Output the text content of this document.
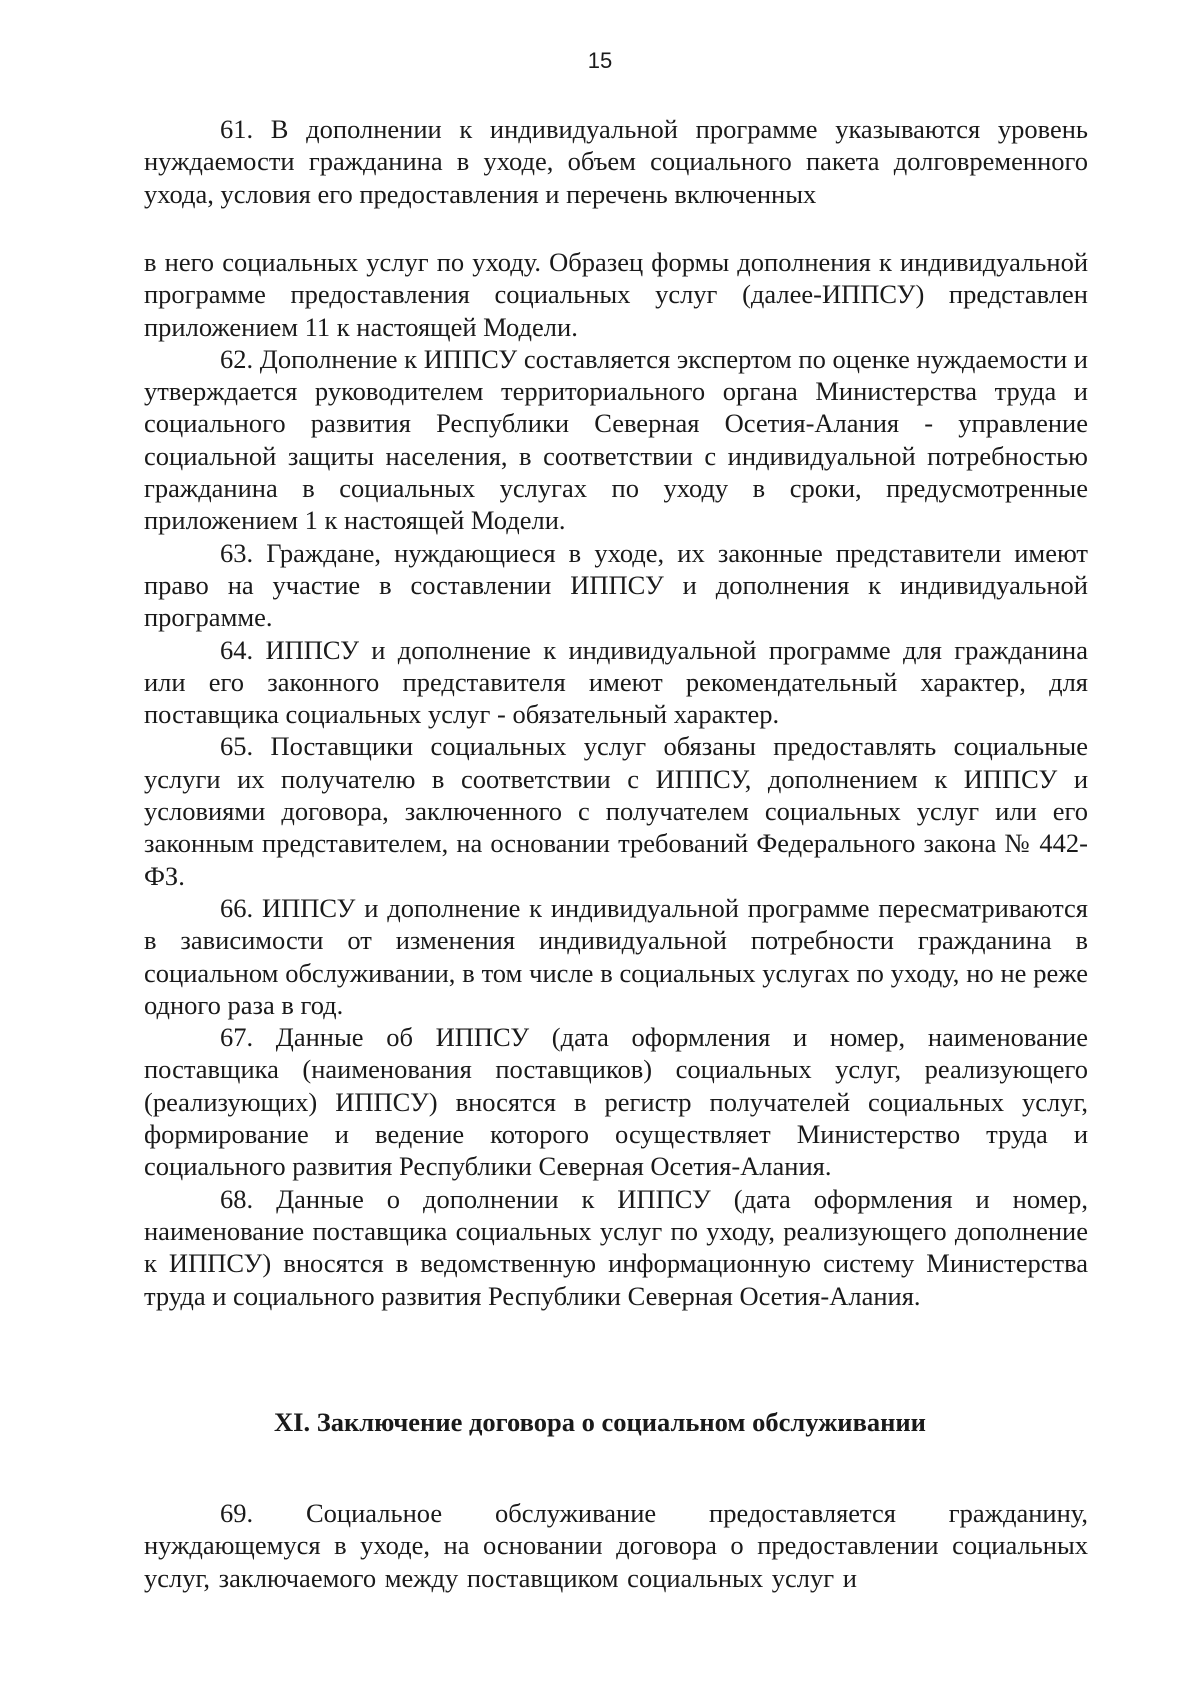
15

61. В дополнении к индивидуальной программе указываются уровень нуждаемости гражданина в уходе, объем социального пакета долговременного ухода, условия его предоставления и перечень включенных

в него социальных услуг по уходу. Образец формы дополнения к индивидуальной программе предоставления социальных услуг (далее-ИППСУ) представлен приложением 11 к настоящей Модели.

62. Дополнение к ИППСУ составляется экспертом по оценке нуждаемости и утверждается руководителем территориального органа Министерства труда и социального развития Республики Северная Осетия-Алания - управление социальной защиты населения, в соответствии с индивидуальной потребностью гражданина в социальных услугах по уходу в сроки, предусмотренные приложением 1 к настоящей Модели.

63. Граждане, нуждающиеся в уходе, их законные представители имеют право на участие в составлении ИППСУ и дополнения к индивидуальной программе.

64. ИППСУ и дополнение к индивидуальной программе для гражданина или его законного представителя имеют рекомендательный характер, для поставщика социальных услуг - обязательный характер.

65. Поставщики социальных услуг обязаны предоставлять социальные услуги их получателю в соответствии с ИППСУ, дополнением к ИППСУ и условиями договора, заключенного с получателем социальных услуг или его законным представителем, на основании требований Федерального закона № 442-ФЗ.

66. ИППСУ и дополнение к индивидуальной программе пересматриваются в зависимости от изменения индивидуальной потребности гражданина в социальном обслуживании, в том числе в социальных услугах по уходу, но не реже одного раза в год.

67. Данные об ИППСУ (дата оформления и номер, наименование поставщика (наименования поставщиков) социальных услуг, реализующего (реализующих) ИППСУ) вносятся в регистр получателей социальных услуг, формирование и ведение которого осуществляет Министерство труда и социального развития Республики Северная Осетия-Алания.

68. Данные о дополнении к ИППСУ (дата оформления и номер, наименование поставщика социальных услуг по уходу, реализующего дополнение к ИППСУ) вносятся в ведомственную информационную систему Министерства труда и социального развития Республики Северная Осетия-Алания.

XI. Заключение договора о социальном обслуживании

69. Социальное обслуживание предоставляется гражданину, нуждающемуся в уходе, на основании договора о предоставлении социальных услуг, заключаемого между поставщиком социальных услуг и
